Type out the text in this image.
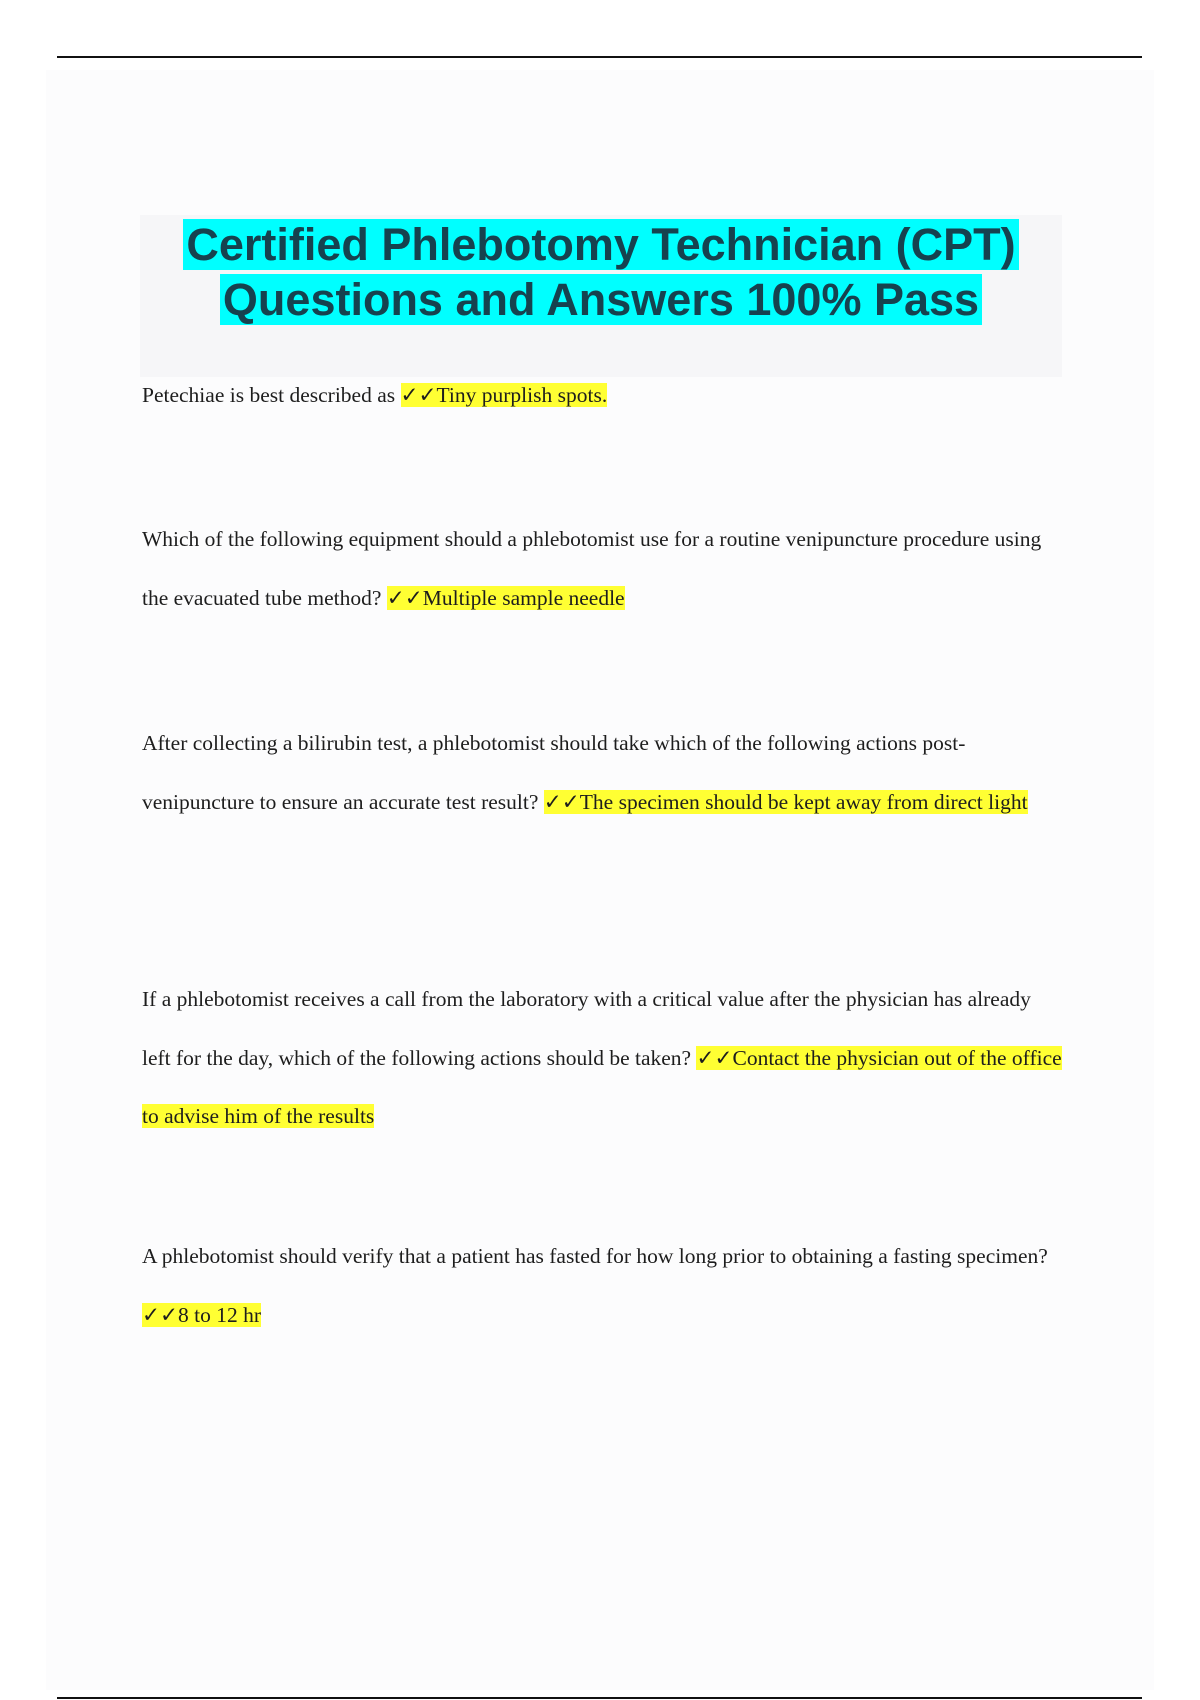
Certified Phlebotomy Technician (CPT)
Questions and Answers 100% Pass

Petechiae is best described as ✓✓Tiny purplish spots.

Which of the following equipment should a phlebotomist use for a routine venipuncture procedure using the evacuated tube method? ✓✓Multiple sample needle

After collecting a bilirubin test, a phlebotomist should take which of the following actions post-venipuncture to ensure an accurate test result? ✓✓The specimen should be kept away from direct light

If a phlebotomist receives a call from the laboratory with a critical value after the physician has already left for the day, which of the following actions should be taken? ✓✓Contact the physician out of the office to advise him of the results

A phlebotomist should verify that a patient has fasted for how long prior to obtaining a fasting specimen? ✓✓8 to 12 hr
